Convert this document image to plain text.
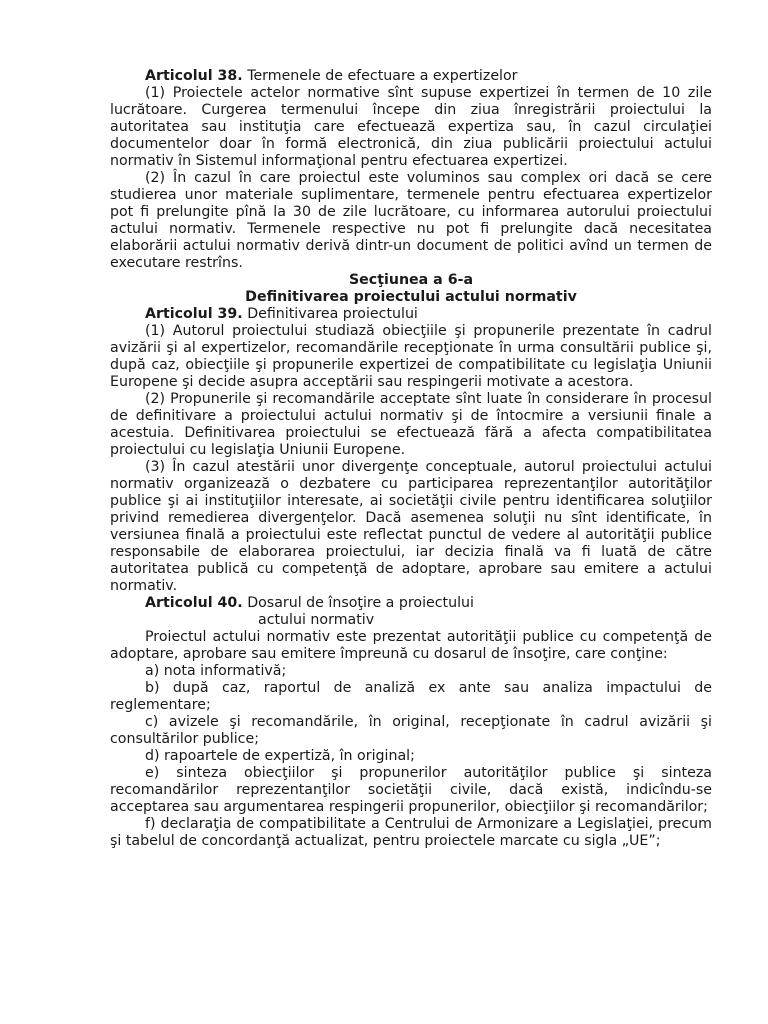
Articolul 38. Termenele de efectuare a expertizelor

(1) Proiectele actelor normative sînt supuse expertizei în termen de 10 zile lucrătoare. Curgerea termenului începe din ziua înregistrării proiectului la autoritatea sau instituţia care efectuează expertiza sau, în cazul circulaţiei documentelor doar în formă electronică, din ziua publicării proiectului actului normativ în Sistemul informaţional pentru efectuarea expertizei.

(2) În cazul în care proiectul este voluminos sau complex ori dacă se cere studierea unor materiale suplimentare, termenele pentru efectuarea expertizelor pot fi prelungite pînă la 30 de zile lucrătoare, cu informarea autorului proiectului actului normativ. Termenele respective nu pot fi prelungite dacă necesitatea elaborării actului normativ derivă dintr-un document de politici avînd un termen de executare restrîns.

Secţiunea a 6-a

Definitivarea proiectului actului normativ

Articolul 39. Definitivarea proiectului

(1) Autorul proiectului studiază obiecţiile şi propunerile prezentate în cadrul avizării şi al expertizelor, recomandările recepţionate în urma consultării publice şi, după caz, obiecţiile şi propunerile expertizei de compatibilitate cu legislaţia Uniunii Europene şi decide asupra acceptării sau respingerii motivate a acestora.

(2) Propunerile şi recomandările acceptate sînt luate în considerare în procesul de definitivare a proiectului actului normativ şi de întocmire a versiunii finale a acestuia. Definitivarea proiectului se efectuează fără a afecta compatibilitatea proiectului cu legislaţia Uniunii Europene.

(3) În cazul atestării unor divergenţe conceptuale, autorul proiectului actului normativ organizează o dezbatere cu participarea reprezentanţilor autorităţilor publice şi ai instituţiilor interesate, ai societăţii civile pentru identificarea soluţiilor privind remedierea divergenţelor. Dacă asemenea soluţii nu sînt identificate, în versiunea finală a proiectului este reflectat punctul de vedere al autorităţii publice responsabile de elaborarea proiectului, iar decizia finală va fi luată de către autoritatea publică cu competenţă de adoptare, aprobare sau emitere a actului normativ.

Articolul 40. Dosarul de însoţire a proiectului

actului normativ

Proiectul actului normativ este prezentat autorităţii publice cu competenţă de adoptare, aprobare sau emitere împreună cu dosarul de însoţire, care conţine:

a) nota informativă;

b) după caz, raportul de analiză ex ante sau analiza impactului de reglementare;

c) avizele şi recomandările, în original, recepţionate în cadrul avizării şi consultărilor publice;

d) rapoartele de expertiză, în original;

e) sinteza obiecţiilor şi propunerilor autorităţilor publice şi sinteza recomandărilor reprezentanţilor societăţii civile, dacă există, indicîndu-se acceptarea sau argumentarea respingerii propunerilor, obiecţiilor şi recomandărilor;

f) declaraţia de compatibilitate a Centrului de Armonizare a Legislaţiei, precum şi tabelul de concordanţă actualizat, pentru proiectele marcate cu sigla „UE”;
